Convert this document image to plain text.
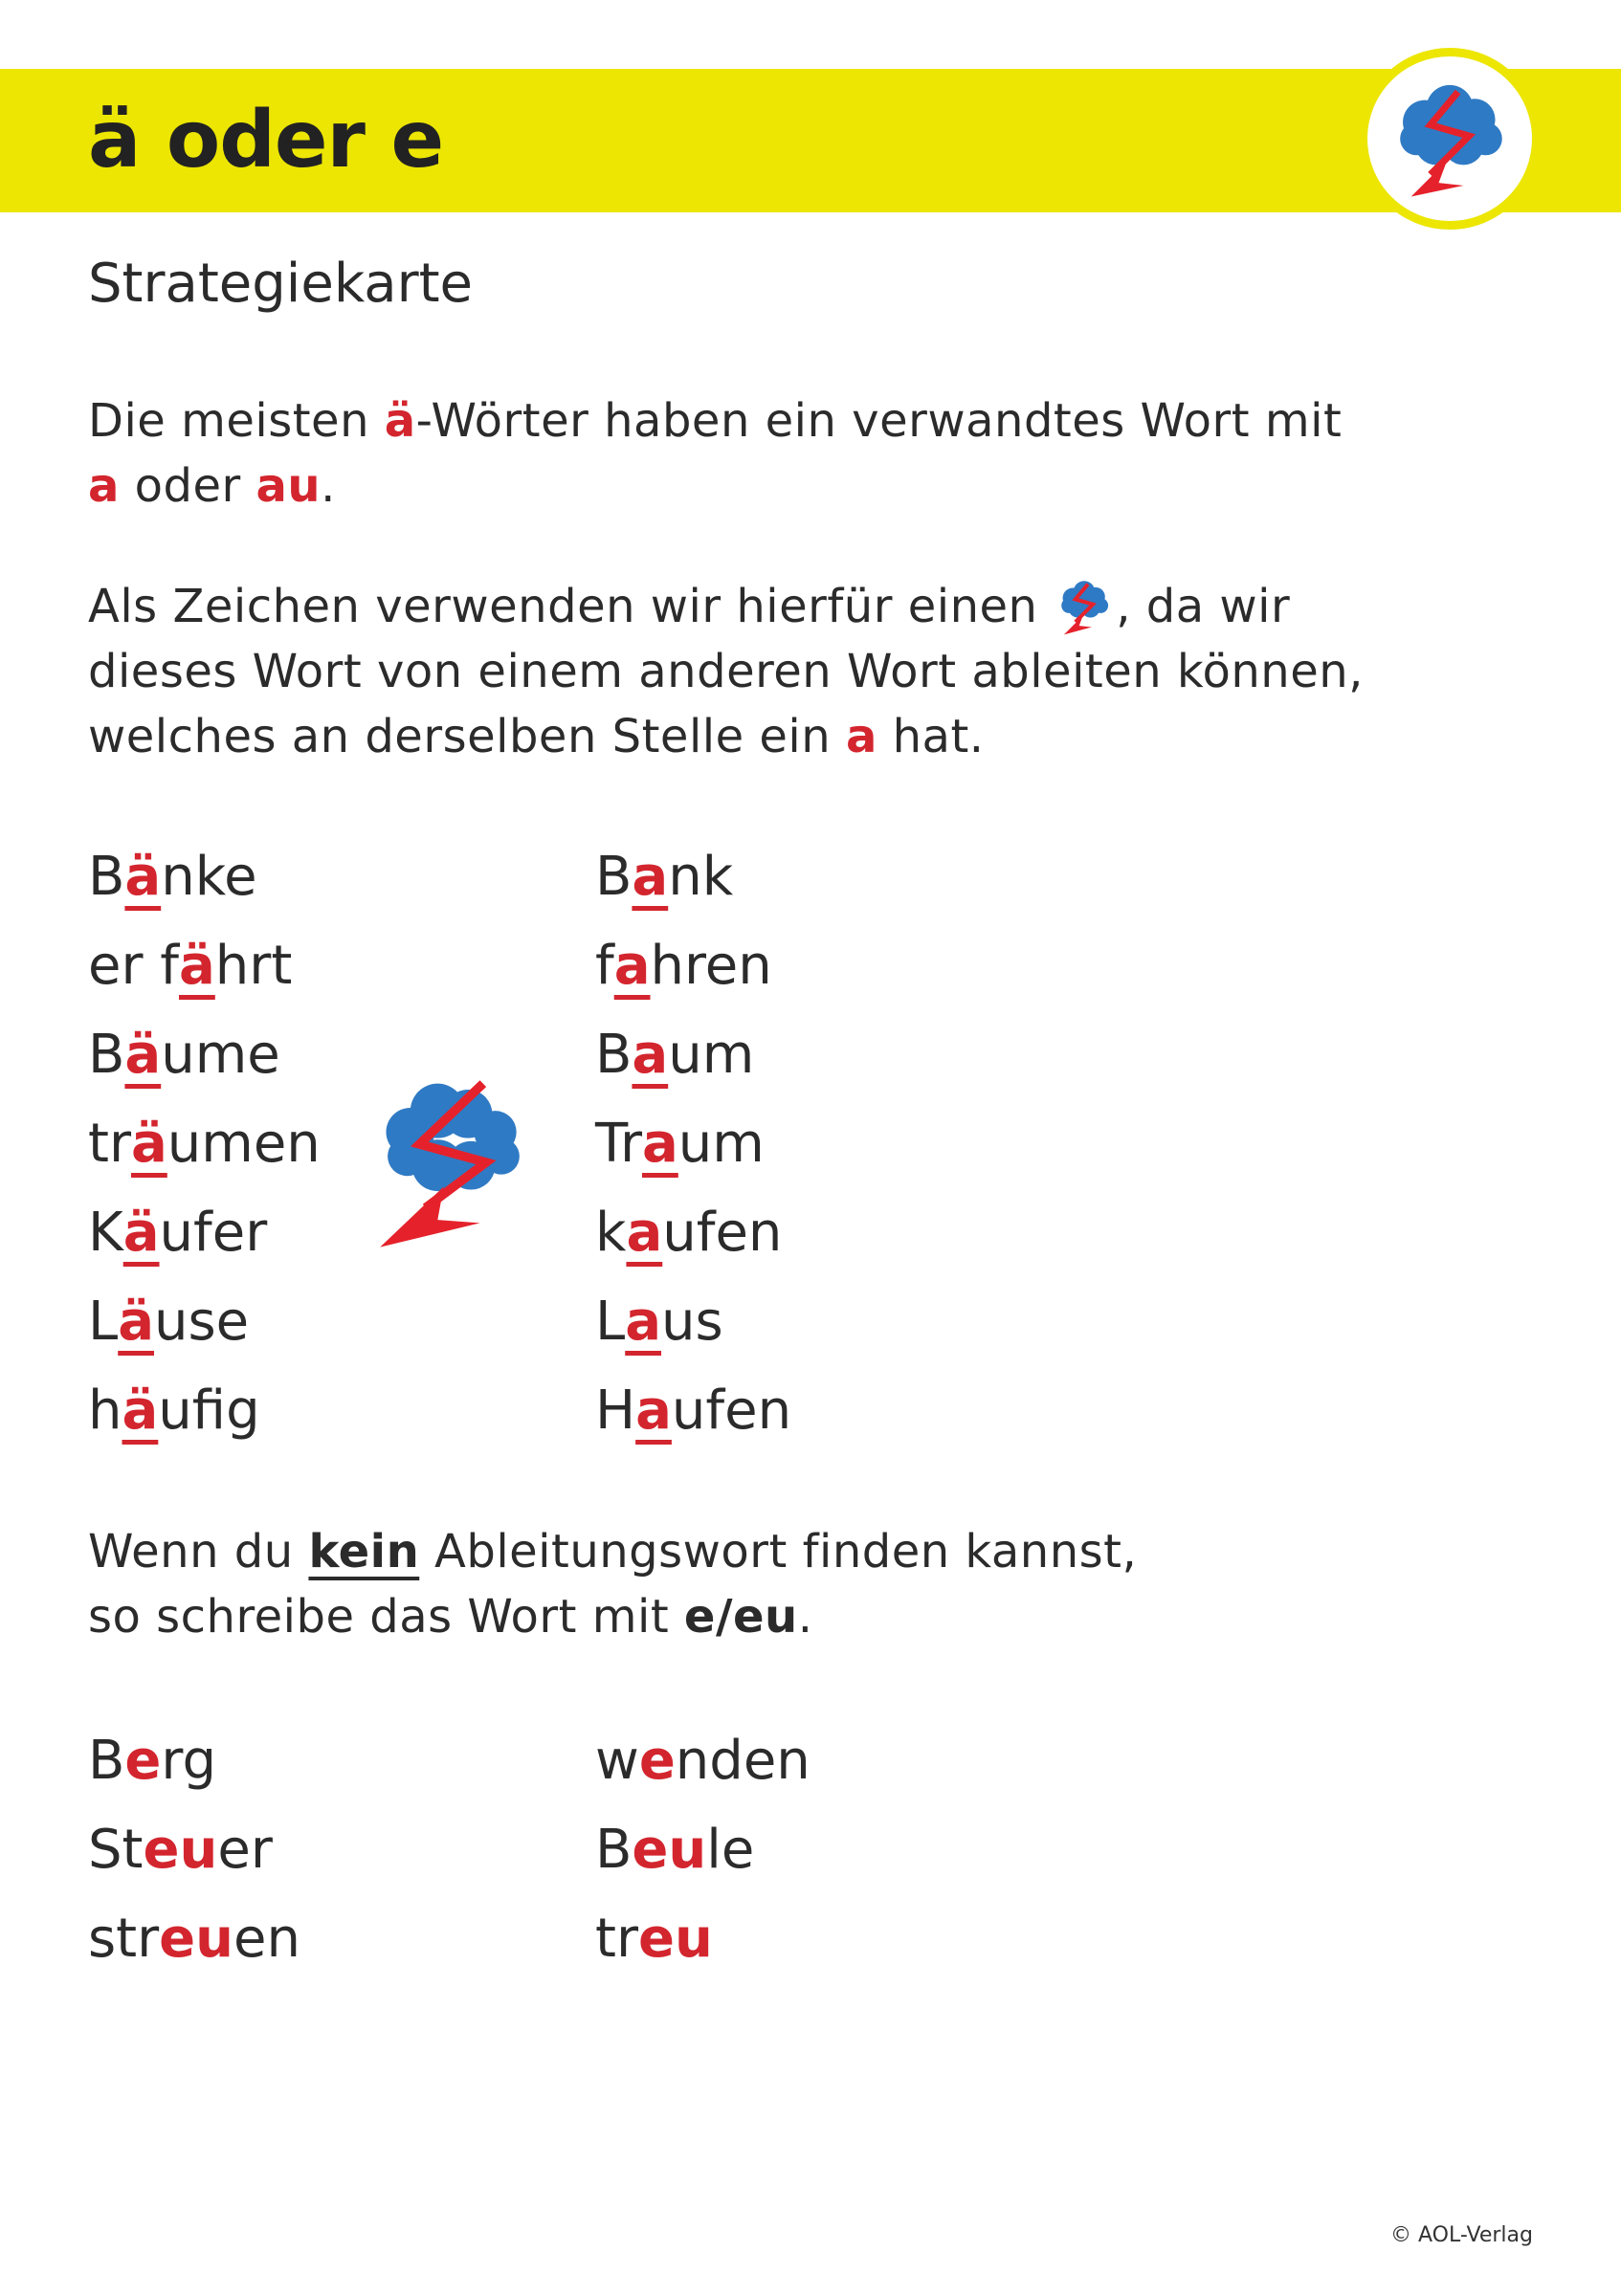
ä oder e
Strategiekarte

Die meisten ä-Wörter haben ein verwandtes Wort mit
a oder au.

Als Zeichen verwenden wir hierfür einen , da wir
dieses Wort von einem anderen Wort ableiten können,
welches an derselben Stelle ein a hat.

Bänke	Bank
er fährt	fahren
Bäume	Baum
träumen	Traum
Käufer	kaufen
Läuse	Laus
häufig	Haufen

Wenn du kein Ableitungswort finden kannst,
so schreibe das Wort mit e/eu.

Berg	wenden
Steuer	Beule
streuen	treu
© AOL-Verlag
